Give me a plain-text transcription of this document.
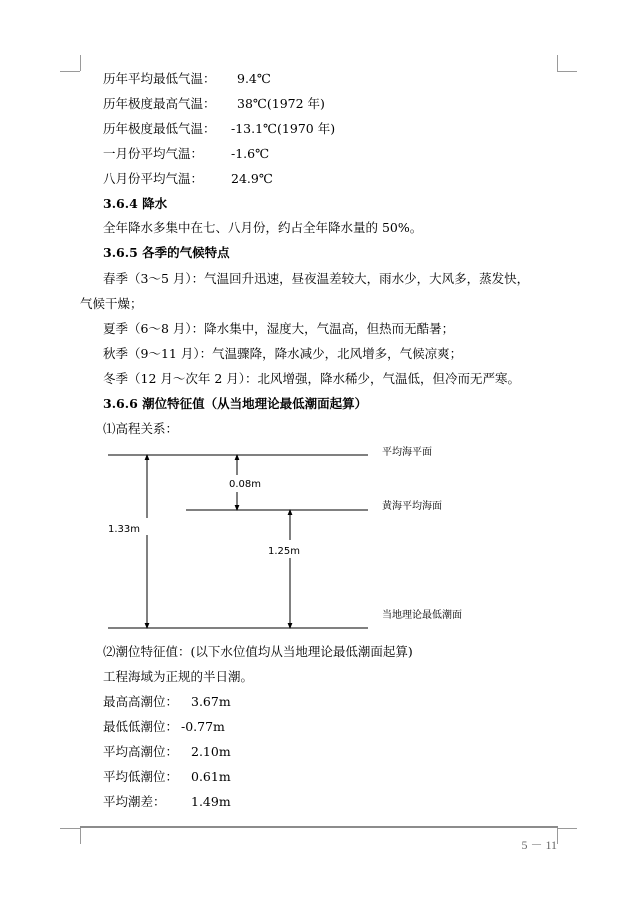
历年平均最低气温： 9.4℃
历年极度最高气温： 38℃(1972 年)
历年极度最低气温： -13.1℃(1970 年)
一月份平均气温： -1.6℃
八月份平均气温： 24.9℃
3.6.4 降水
全年降水多集中在七、八月份，约占全年降水量的 50%。
3.6.5 各季的气候特点
春季（3～5 月）：气温回升迅速，昼夜温差较大，雨水少，大风多，蒸发快，
气候干燥；
夏季（6～8 月）：降水集中，湿度大，气温高，但热而无酷暑；
秋季（9～11 月）：气温骤降，降水减少，北风增多，气候凉爽；
冬季（12 月～次年 2 月）：北风增强，降水稀少，气温低，但冷而无严寒。
3.6.6 潮位特征值（从当地理论最低潮面起算）
⑴高程关系：
平均海平面
黄海平均海面
当地理论最低潮面
0.08m
1.33m
1.25m
⑵潮位特征值：(以下水位值均从当地理论最低潮面起算)
工程海域为正规的半日潮。
最高高潮位： 3.67m
最低低潮位： -0.77m
平均高潮位： 2.10m
平均低潮位： 0.61m
平均潮差： 1.49m
5 － 11
